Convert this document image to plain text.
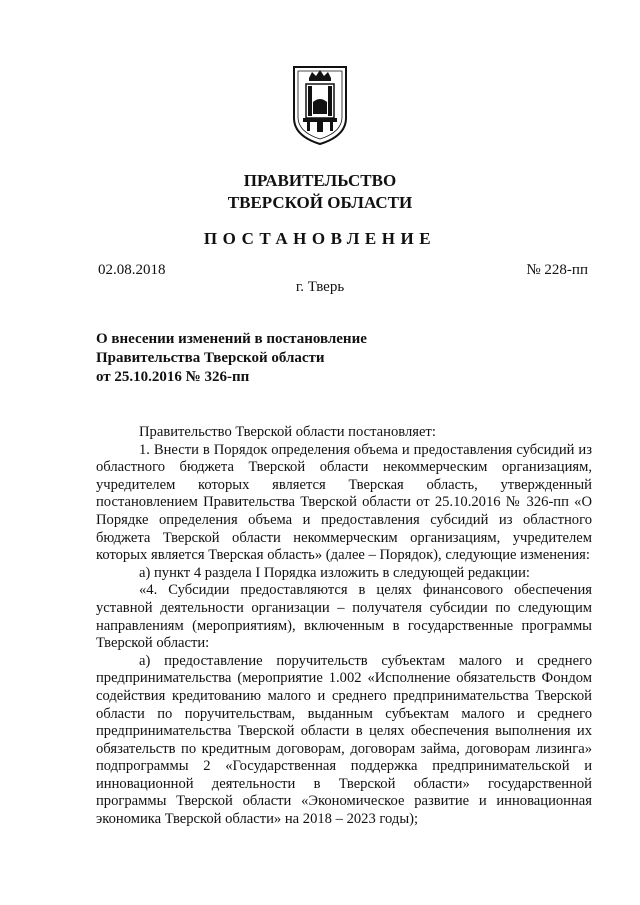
ПРАВИТЕЛЬСТВО
ТВЕРСКОЙ ОБЛАСТИ
ПОСТАНОВЛЕНИЕ
02.08.2018	№ 228-пп
г. Тверь
О внесении изменений в постановление
Правительства Тверской области
от 25.10.2016 № 326-пп

Правительство Тверской области постановляет:

1. Внести в Порядок определения объема и предоставления субсидий из областного бюджета Тверской области некоммерческим организациям, учредителем которых является Тверская область, утвержденный постановлением Правительства Тверской области от 25.10.2016 № 326-пп «О Порядке определения объема и предоставления субсидий из областного бюджета Тверской области некоммерческим организациям, учредителем которых является Тверская область» (далее – Порядок), следующие изменения:

а) пункт 4 раздела I Порядка изложить в следующей редакции:

«4. Субсидии предоставляются в целях финансового обеспечения уставной деятельности организации – получателя субсидии по следующим направлениям (мероприятиям), включенным в государственные программы Тверской области:

а) предоставление поручительств субъектам малого и среднего предпринимательства (мероприятие 1.002 «Исполнение обязательств Фондом содействия кредитованию малого и среднего предпринимательства Тверской области по поручительствам, выданным субъектам малого и среднего предпринимательства Тверской области в целях обеспечения выполнения их обязательств по кредитным договорам, договорам займа, договорам лизинга» подпрограммы 2 «Государственная поддержка предпринимательской и инновационной деятельности в Тверской области» государственной программы Тверской области «Экономическое развитие и инновационная экономика Тверской области» на 2018 – 2023 годы);
